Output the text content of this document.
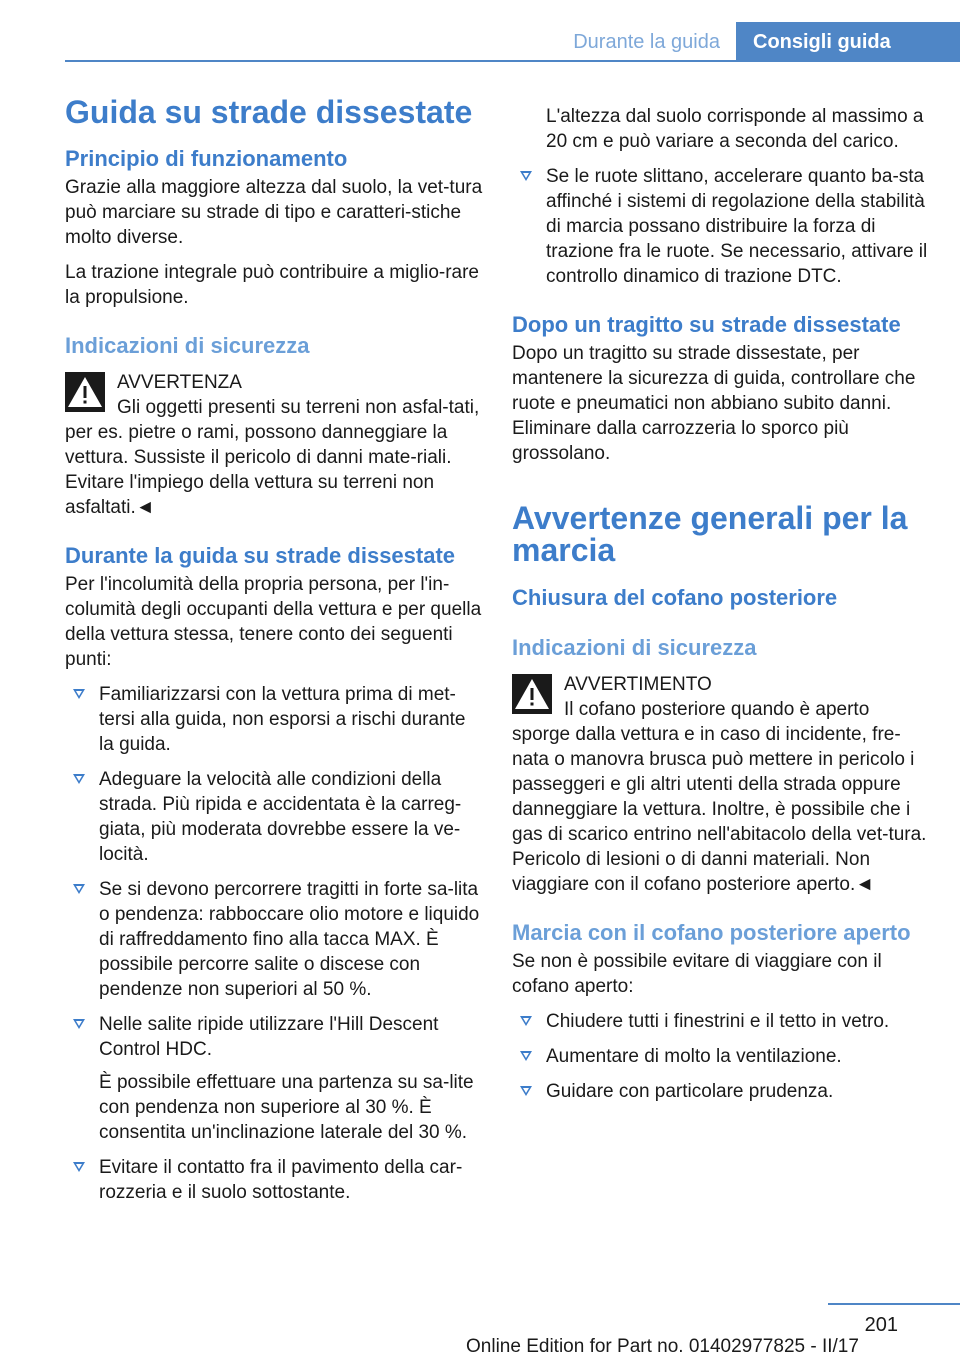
Durante la guida	Consigli guida
Guida su strade dissestate
Principio di funzionamento

Grazie alla maggiore altezza dal suolo, la vet-tura può marciare su strade di tipo e caratteri-stiche molto diverse.

La trazione integrale può contribuire a miglio-rare la propulsione.

Indicazioni di sicurezza
AVVERTENZA
Gli oggetti presenti su terreni non asfal-tati, per es. pietre o rami, possono danneggiare la vettura. Sussiste il pericolo di danni mate-riali. Evitare l'impiego della vettura su terreni non asfaltati.◄
Durante la guida su strade dissestate

Per l'incolumità della propria persona, per l'in-columità degli occupanti della vettura e per quella della vettura stessa, tenere conto dei seguenti punti:

Familiarizzarsi con la vettura prima di met-tersi alla guida, non esporsi a rischi durante la guida.
Adeguare la velocità alle condizioni della strada. Più ripida e accidentata è la carreg-giata, più moderata dovrebbe essere la ve-locità.
Se si devono percorrere tragitti in forte sa-lita o pendenza: rabboccare olio motore e liquido di raffreddamento fino alla tacca MAX. È possibile percorre salite o discese con pendenze non superiori al 50 %.
Nelle salite ripide utilizzare l'Hill Descent Control HDC.

È possibile effettuare una partenza su sa-lite con pendenza non superiore al 30 %. È consentita un'inclinazione laterale del 30 %.

Evitare il contatto fra il pavimento della car-rozzeria e il suolo sottostante.

L'altezza dal suolo corrisponde al massimo a 20 cm e può variare a seconda del carico.

Se le ruote slittano, accelerare quanto ba-sta affinché i sistemi di regolazione della stabilità di marcia possano distribuire la forza di trazione fra le ruote. Se necessario, attivare il controllo dinamico di trazione DTC.
Dopo un tragitto su strade dissestate

Dopo un tragitto su strade dissestate, per mantenere la sicurezza di guida, controllare che ruote e pneumatici non abbiano subito danni. Eliminare dalla carrozzeria lo sporco più grossolano.

Avvertenze generali per la marcia
Chiusura del cofano posteriore
Indicazioni di sicurezza
AVVERTIMENTO
Il cofano posteriore quando è aperto sporge dalla vettura e in caso di incidente, fre-nata o manovra brusca può mettere in pericolo i passeggeri e gli altri utenti della strada oppure danneggiare la vettura. Inoltre, è possibile che i gas di scarico entrino nell'abitacolo della vet-tura. Pericolo di lesioni o di danni materiali. Non viaggiare con il cofano posteriore aperto.◄
Marcia con il cofano posteriore aperto

Se non è possibile evitare di viaggiare con il cofano aperto:

Chiudere tutti i finestrini e il tetto in vetro.
Aumentare di molto la ventilazione.
Guidare con particolare prudenza.
201
Online Edition for Part no. 01402977825 - II/17
